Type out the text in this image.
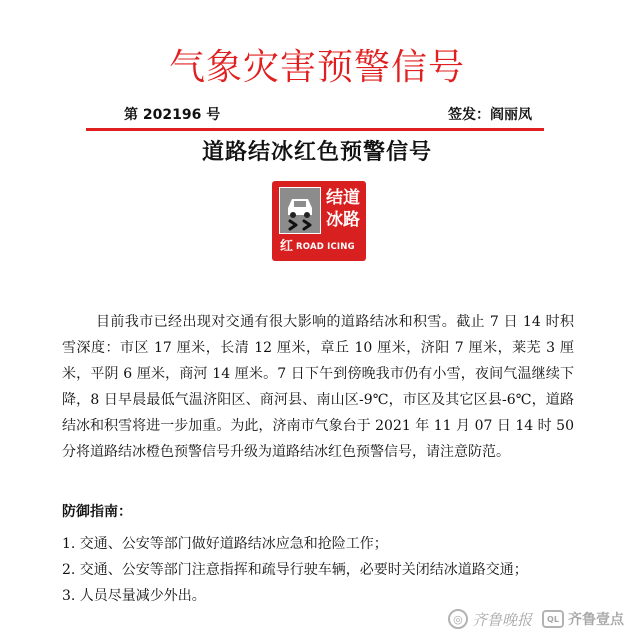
气象灾害预警信号
第 202196 号	签发：阎丽凤
道路结冰红色预警信号
结道
冰路
红 ROAD ICING

目前我市已经出现对交通有很大影响的道路结冰和积雪。截止 7 日 14 时积雪深度：市区 17 厘米，长清 12 厘米，章丘 10 厘米，济阳 7 厘米，莱芜 3 厘米，平阴 6 厘米，商河 14 厘米。7 日下午到傍晚我市仍有小雪，夜间气温继续下降，8 日早晨最低气温济阳区、商河县、南山区-9℃，市区及其它区县-6℃，道路结冰和积雪将进一步加重。为此，济南市气象台于 2021 年 11 月 07 日 14 时 50 分将道路结冰橙色预警信号升级为道路结冰红色预警信号，请注意防范。

防御指南：
1. 交通、公安等部门做好道路结冰应急和抢险工作；
2. 交通、公安等部门注意指挥和疏导行驶车辆，必要时关闭结冰道路交通；
3. 人员尽量减少外出。
◎ 齐鲁晚报	QL 齐鲁壹点
